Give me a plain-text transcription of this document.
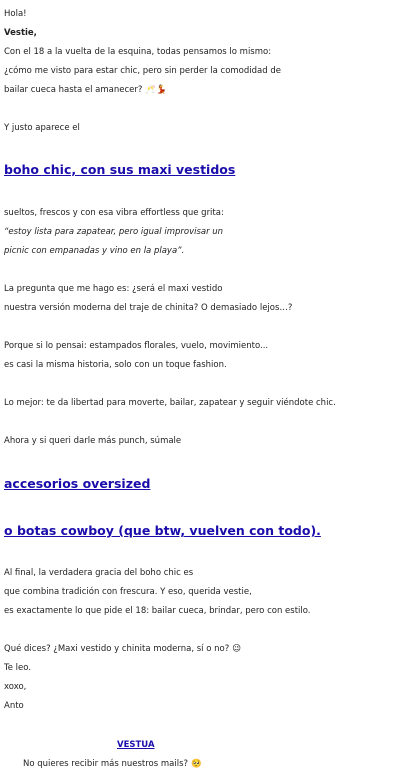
Hola!
Vestie,
Con el 18 a la vuelta de la esquina, todas pensamos lo mismo:
¿cómo me visto para estar chic, pero sin perder la comodidad de
bailar cueca hasta el amanecer? 🥂💃
Y justo aparece el
boho chic, con sus maxi vestidos
sueltos, frescos y con esa vibra effortless que grita:
“estoy lista para zapatear, pero igual improvisar un
picnic con empanadas y vino en la playa”.
La pregunta que me hago es: ¿será el maxi vestido
nuestra versión moderna del traje de chinita? O demasiado lejos…?
Porque si lo pensai: estampados florales, vuelo, movimiento...
es casi la misma historia, solo con un toque fashion.
Lo mejor: te da libertad para moverte, bailar, zapatear y seguir viéndote chic.
Ahora y si queri darle más punch, súmale
accesorios oversized
o botas cowboy (que btw, vuelven con todo).
Al final, la verdadera gracia del boho chic es
que combina tradición con frescura. Y eso, querida vestie,
es exactamente lo que pide el 18: bailar cueca, brindar, pero con estilo.
Qué dices? ¿Maxi vestido y chinita moderna, sí o no? 😉
Te leo.
xoxo,
Anto
VESTUA
No quieres recibir más nuestros mails? 🥺
